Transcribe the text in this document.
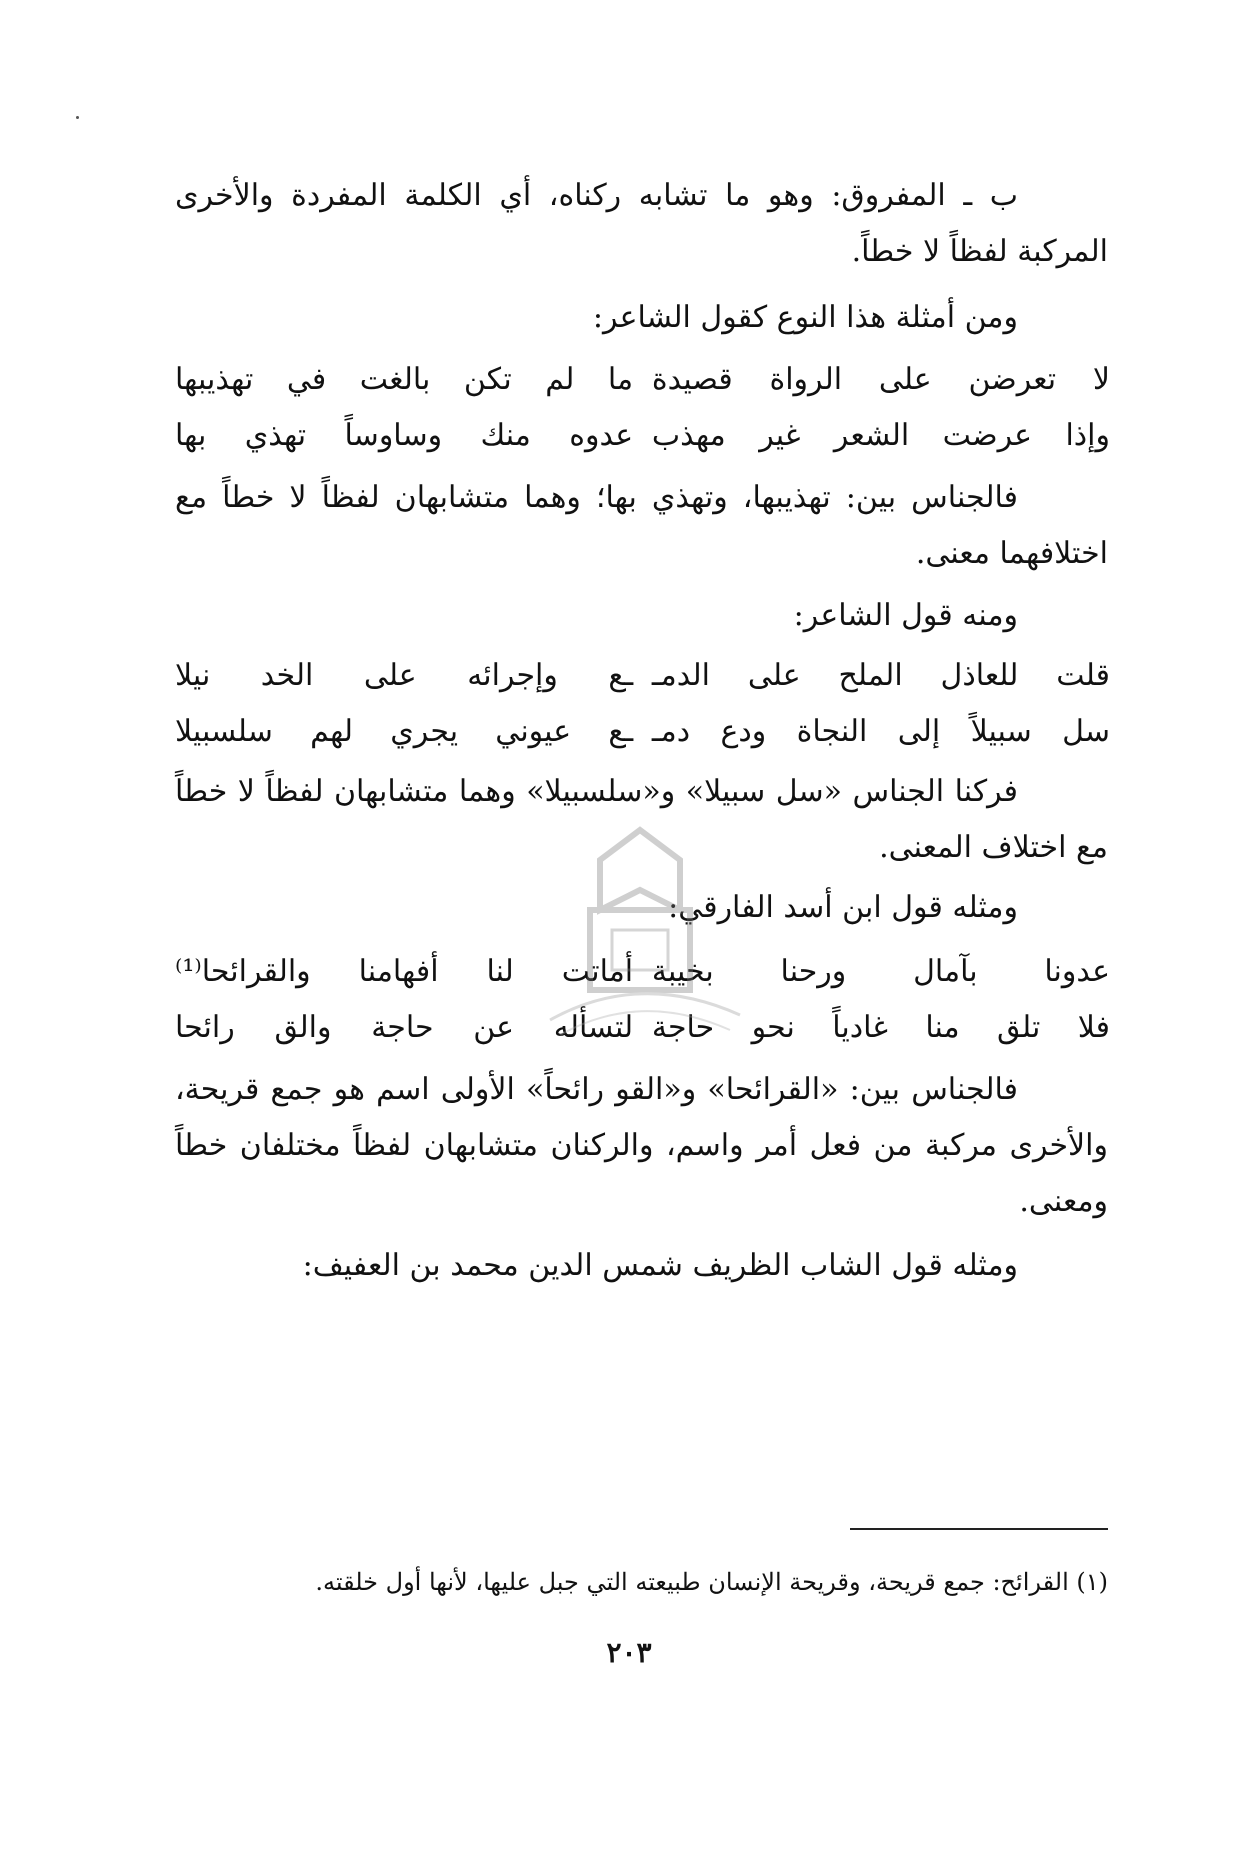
ب ـ المفروق: وهو ما تشابه ركناه، أي الكلمة المفردة والأخرى المركبة لفظاً لا خطاً.

ومن أمثلة هذا النوع كقول الشاعر:

لا تعرضن على الرواة قصيدة
ما لم تكن بالغت في تهذيبها
وإذا عرضت الشعر غير مهذب
عدوه منك وساوساً تهذي بها

فالجناس بين: تهذيبها، وتهذي بها؛ وهما متشابهان لفظاً لا خطاً مع اختلافهما معنى.

ومنه قول الشاعر:

قلت للعاذل الملح على الدمـ
ـع وإجرائه على الخد نيلا
سل سبيلاً إلى النجاة ودع دمـ
ـع عيوني يجري لهم سلسبيلا

فركنا الجناس «سل سبيلا» و«سلسبيلا» وهما متشابهان لفظاً لا خطاً مع اختلاف المعنى.

ومثله قول ابن أسد الفارقي:

عدونا بآمال ورحنا بخيبة
أماتت لنا أفهامنا والقرائحا⁽¹⁾
فلا تلق منا غادياً نحو حاجة
لتسأله عن حاجة والق رائحا

فالجناس بين: «القرائحا» و«القو رائحاً» الأولى اسم هو جمع قريحة، والأخرى مركبة من فعل أمر واسم، والركنان متشابهان لفظاً مختلفان خطاً ومعنى.

ومثله قول الشاب الظريف شمس الدين محمد بن العفيف:

(١) القرائح: جمع قريحة، وقريحة الإنسان طبيعته التي جبل عليها، لأنها أول خلقته.
٢٠٣
